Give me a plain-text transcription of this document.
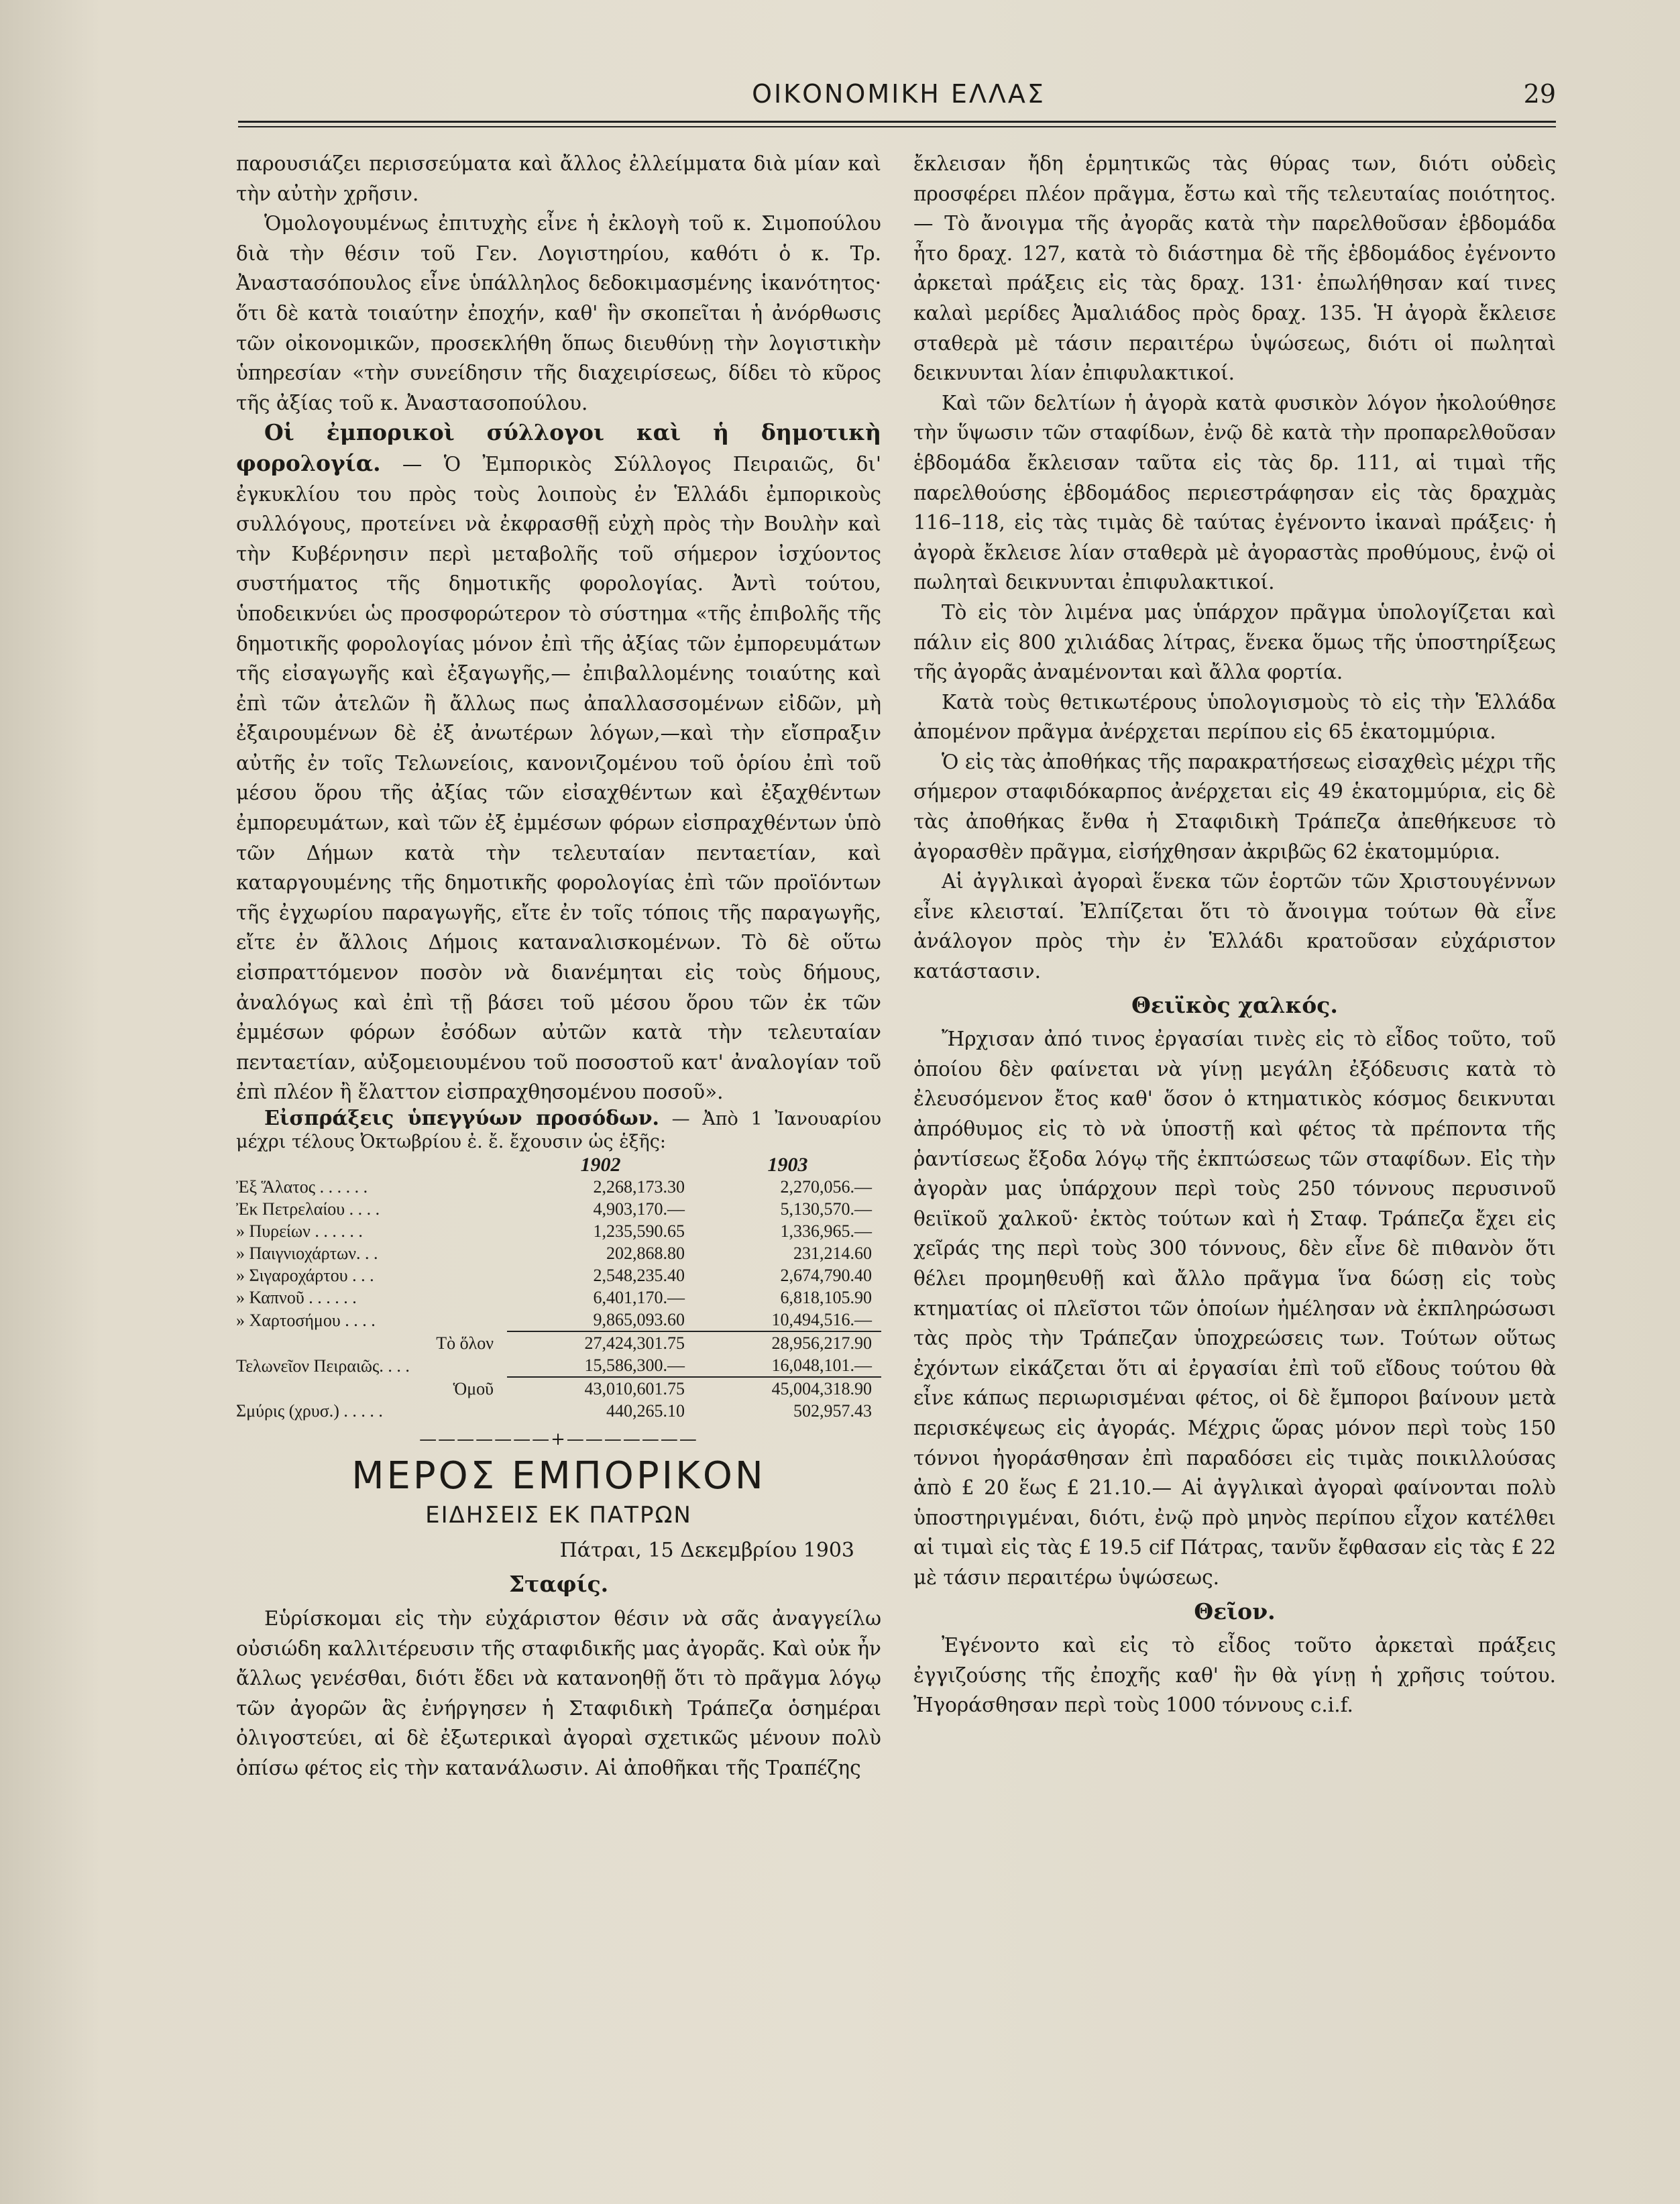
ΟΙΚΟΝΟΜΙΚΗ ΕΛΛΑΣ	29

παρουσιάζει περισσεύματα καὶ ἄλλος ἐλλείμματα διὰ μίαν καὶ τὴν αὐτὴν χρῆσιν.

Ὁμολογουμένως ἐπιτυχὴς εἶνε ἡ ἐκλογὴ τοῦ κ. Σιμοπούλου διὰ τὴν θέσιν τοῦ Γεν. Λογιστηρίου, καθότι ὁ κ. Τρ. Ἀναστασόπουλος εἶνε ὑπάλληλος δεδοκιμασμένης ἱκανότητος· ὅτι δὲ κατὰ τοιαύτην ἐποχήν, καθ' ἣν σκοπεῖται ἡ ἀνόρθωσις τῶν οἰκονομικῶν, προσεκλήθη ὅπως διευθύνῃ τὴν λογιστικὴν ὑπηρεσίαν «τὴν συνείδησιν τῆς διαχειρίσεως, δίδει τὸ κῦρος τῆς ἀξίας τοῦ κ. Ἀναστασοπούλου.

Οἱ ἐμπορικοὶ σύλλογοι καὶ ἡ δημοτικὴ φορολογία. — Ὁ Ἐμπορικὸς Σύλλογος Πειραιῶς, δι' ἐγκυκλίου του πρὸς τοὺς λοιποὺς ἐν Ἑλλάδι ἐμπορικοὺς συλλόγους, προτείνει νὰ ἐκφρασθῇ εὐχὴ πρὸς τὴν Βουλὴν καὶ τὴν Κυβέρνησιν περὶ μεταβολῆς τοῦ σήμερον ἰσχύοντος συστήματος τῆς δημοτικῆς φορολογίας. Ἀντὶ τούτου, ὑποδεικνύει ὡς προσφορώτερον τὸ σύστημα «τῆς ἐπιβολῆς τῆς δημοτικῆς φορολογίας μόνον ἐπὶ τῆς ἀξίας τῶν ἐμπορευμάτων τῆς εἰσαγωγῆς καὶ ἐξαγωγῆς,— ἐπιβαλλομένης τοιαύτης καὶ ἐπὶ τῶν ἀτελῶν ἢ ἄλλως πως ἀπαλλασσομένων εἰδῶν, μὴ ἐξαιρουμένων δὲ ἐξ ἀνωτέρων λόγων,—καὶ τὴν εἴσπραξιν αὐτῆς ἐν τοῖς Τελωνείοις, κανονιζομένου τοῦ ὁρίου ἐπὶ τοῦ μέσου ὅρου τῆς ἀξίας τῶν εἰσαχθέντων καὶ ἐξαχθέντων ἐμπορευμάτων, καὶ τῶν ἐξ ἐμμέσων φόρων εἰσπραχθέντων ὑπὸ τῶν Δήμων κατὰ τὴν τελευταίαν πενταετίαν, καὶ καταργουμένης τῆς δημοτικῆς φορολογίας ἐπὶ τῶν προϊόντων τῆς ἐγχωρίου παραγωγῆς, εἴτε ἐν τοῖς τόποις τῆς παραγωγῆς, εἴτε ἐν ἄλλοις Δήμοις καταναλισκομένων. Τὸ δὲ οὕτω εἰσπραττόμενον ποσὸν νὰ διανέμηται εἰς τοὺς δήμους, ἀναλόγως καὶ ἐπὶ τῇ βάσει τοῦ μέσου ὅρου τῶν ἐκ τῶν ἐμμέσων φόρων ἐσόδων αὐτῶν κατὰ τὴν τελευταίαν πενταετίαν, αὐξομειουμένου τοῦ ποσοστοῦ κατ' ἀναλογίαν τοῦ ἐπὶ πλέον ἢ ἔλαττον εἰσπραχθησομένου ποσοῦ».

Εἰσπράξεις ὑπεγγύων προσόδων. — Ἀπὸ 1 Ἰανουαρίου μέχρι τέλους Ὀκτωβρίου ἐ. ἔ. ἔχουσιν ὡς ἑξῆς:

	1902	1903
Ἐξ Ἅλατος . . . . . .	2,268,173.30	2,270,056.—
Ἐκ Πετρελαίου . . . .	4,903,170.—	5,130,570.—
» Πυρείων . . . . . .	1,235,590.65	1,336,965.—
» Παιγνιοχάρτων. . .	202,868.80	231,214.60
» Σιγαροχάρτου . . .	2,548,235.40	2,674,790.40
» Καπνοῦ . . . . . .	6,401,170.—	6,818,105.90
» Χαρτοσήμου . . . .	9,865,093.60	10,494,516.—
Τὸ ὅλον	27,424,301.75	28,956,217.90
Τελωνεῖον Πειραιῶς. . . .	15,586,300.—	16,048,101.—
Ὁμοῦ	43,010,601.75	45,004,318.90
Σμύρις (χρυσ.) . . . . .	440,265.10	502,957.43
———————+———————
ΜΕΡΟΣ ΕΜΠΟΡΙΚΟΝ
ΕΙΔΗΣΕΙΣ ΕΚ ΠΑΤΡΩΝ
Πάτραι, 15 Δεκεμβρίου 1903
Σταφίς.

Εὑρίσκομαι εἰς τὴν εὐχάριστον θέσιν νὰ σᾶς ἀναγγείλω οὐσιώδη καλλιτέρευσιν τῆς σταφιδικῆς μας ἀγορᾶς. Καὶ οὐκ ἦν ἄλλως γενέσθαι, διότι ἔδει νὰ κατανοηθῇ ὅτι τὸ πρᾶγμα λόγῳ τῶν ἀγορῶν ἃς ἐνήργησεν ἡ Σταφιδικὴ Τράπεζα ὁσημέραι ὀλιγοστεύει, αἱ δὲ ἐξωτερικαὶ ἀγοραὶ σχετικῶς μένουν πολὺ ὀπίσω φέτος εἰς τὴν κατανάλωσιν. Αἱ ἀποθῆκαι τῆς Τραπέζης

ἔκλεισαν ἤδη ἑρμητικῶς τὰς θύρας των, διότι οὐδεὶς προσφέρει πλέον πρᾶγμα, ἔστω καὶ τῆς τελευταίας ποιότητος.— Τὸ ἄνοιγμα τῆς ἀγορᾶς κατὰ τὴν παρελθοῦσαν ἑβδομάδα ἦτο δραχ. 127, κατὰ τὸ διάστημα δὲ τῆς ἑβδομάδος ἐγένοντο ἀρκεταὶ πράξεις εἰς τὰς δραχ. 131· ἐπωλήθησαν καί τινες καλαὶ μερίδες Ἀμαλιάδος πρὸς δραχ. 135. Ἡ ἀγορὰ ἔκλεισε σταθερὰ μὲ τάσιν περαιτέρω ὑψώσεως, διότι οἱ πωληταὶ δεικνυνται λίαν ἐπιφυλακτικοί.

Καὶ τῶν δελτίων ἡ ἀγορὰ κατὰ φυσικὸν λόγον ἠκολούθησε τὴν ὕψωσιν τῶν σταφίδων, ἐνῷ δὲ κατὰ τὴν προπαρελθοῦσαν ἑβδομάδα ἔκλεισαν ταῦτα εἰς τὰς δρ. 111, αἱ τιμαὶ τῆς παρελθούσης ἑβδομάδος περιεστράφησαν εἰς τὰς δραχμὰς 116–118, εἰς τὰς τιμὰς δὲ ταύτας ἐγένοντο ἱκαναὶ πράξεις· ἡ ἀγορὰ ἔκλεισε λίαν σταθερὰ μὲ ἀγοραστὰς προθύμους, ἐνῷ οἱ πωληταὶ δεικνυνται ἐπιφυλακτικοί.

Τὸ εἰς τὸν λιμένα μας ὑπάρχον πρᾶγμα ὑπολογίζεται καὶ πάλιν εἰς 800 χιλιάδας λίτρας, ἕνεκα ὅμως τῆς ὑποστηρίξεως τῆς ἀγορᾶς ἀναμένονται καὶ ἄλλα φορτία.

Κατὰ τοὺς θετικωτέρους ὑπολογισμοὺς τὸ εἰς τὴν Ἑλλάδα ἀπομένον πρᾶγμα ἀνέρχεται περίπου εἰς 65 ἑκατομμύρια.

Ὁ εἰς τὰς ἀποθήκας τῆς παρακρατήσεως εἰσαχθεὶς μέχρι τῆς σήμερον σταφιδόκαρπος ἀνέρχεται εἰς 49 ἑκατομμύρια, εἰς δὲ τὰς ἀποθήκας ἔνθα ἡ Σταφιδικὴ Τράπεζα ἀπεθήκευσε τὸ ἀγορασθὲν πρᾶγμα, εἰσήχθησαν ἀκριβῶς 62 ἑκατομμύρια.

Αἱ ἀγγλικαὶ ἀγοραὶ ἕνεκα τῶν ἑορτῶν τῶν Χριστουγέννων εἶνε κλεισταί. Ἐλπίζεται ὅτι τὸ ἄνοιγμα τούτων θὰ εἶνε ἀνάλογον πρὸς τὴν ἐν Ἑλλάδι κρατοῦσαν εὐχάριστον κατάστασιν.

Θειϊκὸς χαλκός.

Ἤρχισαν ἀπό τινος ἐργασίαι τινὲς εἰς τὸ εἶδος τοῦτο, τοῦ ὁποίου δὲν φαίνεται νὰ γίνῃ μεγάλη ἐξόδευσις κατὰ τὸ ἐλευσόμενον ἔτος καθ' ὅσον ὁ κτηματικὸς κόσμος δεικνυται ἀπρόθυμος εἰς τὸ νὰ ὑποστῇ καὶ φέτος τὰ πρέποντα τῆς ῥαντίσεως ἔξοδα λόγῳ τῆς ἐκπτώσεως τῶν σταφίδων. Εἰς τὴν ἀγορὰν μας ὑπάρχουν περὶ τοὺς 250 τόννους περυσινοῦ θειϊκοῦ χαλκοῦ· ἐκτὸς τούτων καὶ ἡ Σταφ. Τράπεζα ἔχει εἰς χεῖράς της περὶ τοὺς 300 τόννους, δὲν εἶνε δὲ πιθανὸν ὅτι θέλει προμηθευθῇ καὶ ἄλλο πρᾶγμα ἵνα δώσῃ εἰς τοὺς κτηματίας οἱ πλεῖστοι τῶν ὁποίων ἠμέλησαν νὰ ἐκπληρώσωσι τὰς πρὸς τὴν Τράπεζαν ὑποχρεώσεις των. Τούτων οὕτως ἐχόντων εἰκάζεται ὅτι αἱ ἐργασίαι ἐπὶ τοῦ εἴδους τούτου θὰ εἶνε κάπως περιωρισμέναι φέτος, οἱ δὲ ἔμποροι βαίνουν μετὰ περισκέψεως εἰς ἀγοράς. Μέχρις ὥρας μόνον περὶ τοὺς 150 τόννοι ἠγοράσθησαν ἐπὶ παραδόσει εἰς τιμὰς ποικιλλούσας ἀπὸ £ 20 ἕως £ 21.10.— Αἱ ἀγγλικαὶ ἀγοραὶ φαίνονται πολὺ ὑποστηριγμέναι, διότι, ἐνῷ πρὸ μηνὸς περίπου εἶχον κατέλθει αἱ τιμαὶ εἰς τὰς £ 19.5 cif Πάτρας, τανῦν ἔφθασαν εἰς τὰς £ 22 μὲ τάσιν περαιτέρω ὑψώσεως.

Θεῖον.

Ἐγένοντο καὶ εἰς τὸ εἶδος τοῦτο ἀρκεταὶ πράξεις ἐγγιζούσης τῆς ἐποχῆς καθ' ἣν θὰ γίνῃ ἡ χρῆσις τούτου. Ἠγοράσθησαν περὶ τοὺς 1000 τόννους c.i.f.
